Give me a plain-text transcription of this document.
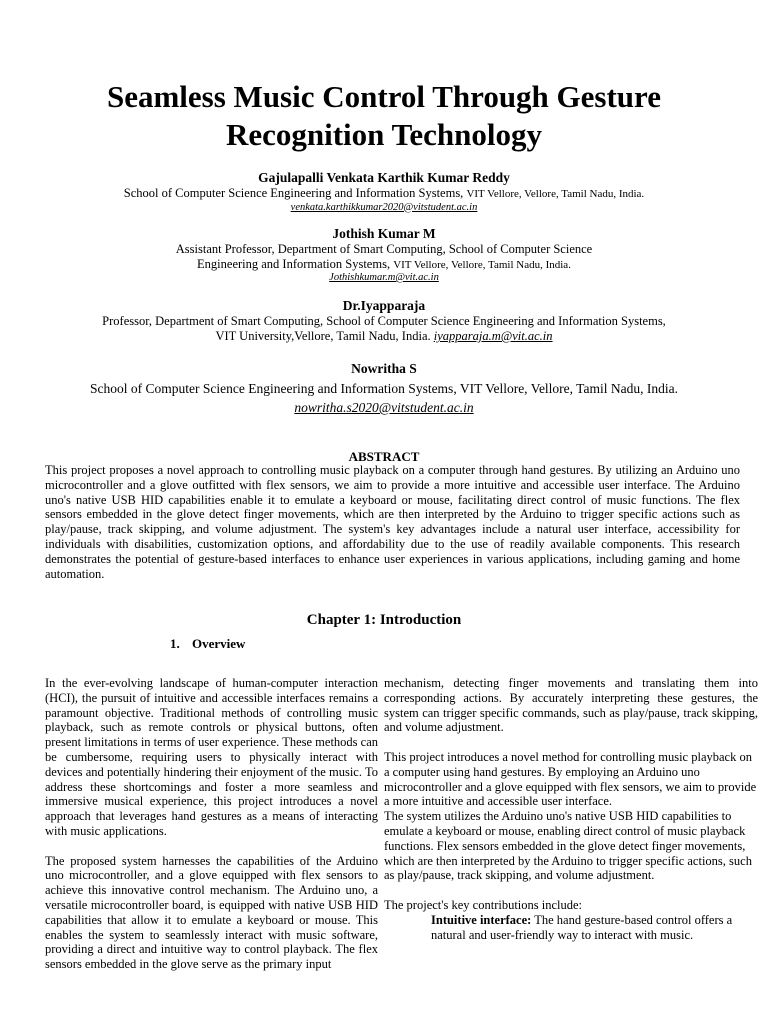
Seamless Music Control Through Gesture Recognition Technology
Gajulapalli Venkata Karthik Kumar Reddy
School of Computer Science Engineering and Information Systems, VIT Vellore, Vellore, Tamil Nadu, India.
venkata.karthikkumar2020@vitstudent.ac.in
Jothish Kumar M
Assistant Professor, Department of Smart Computing, School of Computer Science
Engineering and Information Systems, VIT Vellore, Vellore, Tamil Nadu, India.
Jothishkumar.m@vit.ac.in
Dr.Iyapparaja
Professor, Department of Smart Computing, School of Computer Science Engineering and Information Systems,
VIT University,Vellore, Tamil Nadu, India. iyapparaja.m@vit.ac.in
Nowritha S
School of Computer Science Engineering and Information Systems, VIT Vellore, Vellore, Tamil Nadu, India.
nowritha.s2020@vitstudent.ac.in
ABSTRACT

This project proposes a novel approach to controlling music playback on a computer through hand gestures. By utilizing an Arduino uno microcontroller and a glove outfitted with flex sensors, we aim to provide a more intuitive and accessible user interface. The Arduino uno's native USB HID capabilities enable it to emulate a keyboard or mouse, facilitating direct control of music functions. The flex sensors embedded in the glove detect finger movements, which are then interpreted by the Arduino to trigger specific actions such as play/pause, track skipping, and volume adjustment. The system's key advantages include a natural user interface, accessibility for individuals with disabilities, customization options, and affordability due to the use of readily available components. This research demonstrates the potential of gesture-based interfaces to enhance user experiences in various applications, including gaming and home automation.

Chapter 1: Introduction
1. Overview

In the ever-evolving landscape of human-computer interaction (HCI), the pursuit of intuitive and accessible interfaces remains a paramount objective. Traditional methods of controlling music playback, such as remote controls or physical buttons, often present limitations in terms of user experience. These methods can be cumbersome, requiring users to physically interact with devices and potentially hindering their enjoyment of the music. To address these shortcomings and foster a more seamless and immersive musical experience, this project introduces a novel approach that leverages hand gestures as a means of interacting with music applications.

The proposed system harnesses the capabilities of the Arduino uno microcontroller, and a glove equipped with flex sensors to achieve this innovative control mechanism. The Arduino uno, a versatile microcontroller board, is equipped with native USB HID capabilities that allow it to emulate a keyboard or mouse. This enables the system to seamlessly interact with music software, providing a direct and intuitive way to control playback. The flex sensors embedded in the glove serve as the primary input

mechanism, detecting finger movements and translating them into corresponding actions. By accurately interpreting these gestures, the system can trigger specific commands, such as play/pause, track skipping, and volume adjustment.

This project introduces a novel method for controlling music playback on a computer using hand gestures. By employing an Arduino uno microcontroller and a glove equipped with flex sensors, we aim to provide a more intuitive and accessible user interface.

The system utilizes the Arduino uno's native USB HID capabilities to emulate a keyboard or mouse, enabling direct control of music playback functions. Flex sensors embedded in the glove detect finger movements, which are then interpreted by the Arduino to trigger specific actions, such as play/pause, track skipping, and volume adjustment.

The project's key contributions include:

Intuitive interface: The hand gesture-based control offers a natural and user-friendly way to interact with music.
